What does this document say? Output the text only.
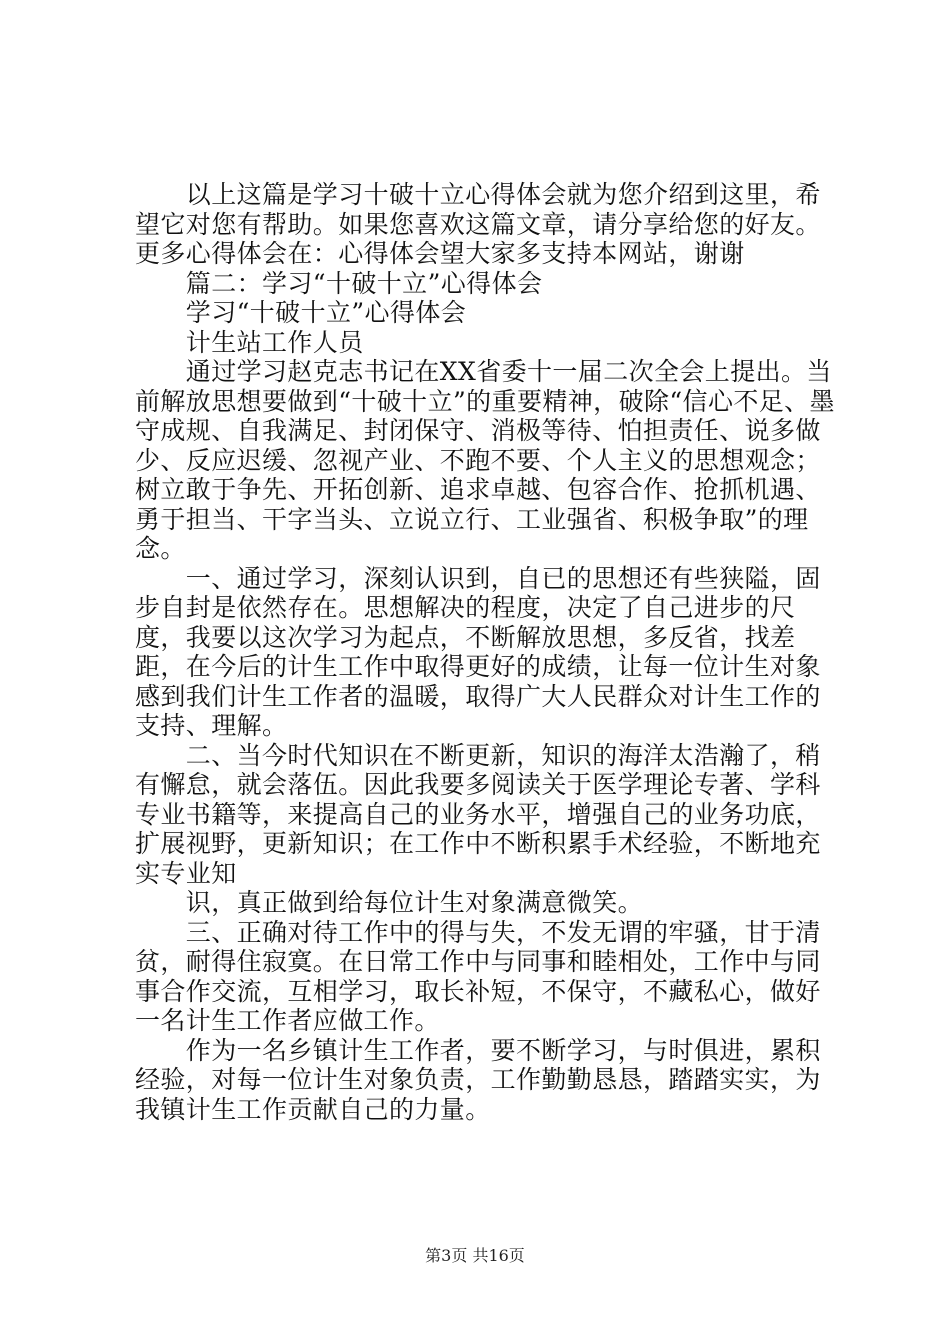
　　以上这篇是学习十破十立心得体会就为您介绍到这里，希望它对您有帮助。如果您喜欢这篇文章，请分享给您的好友。更多心得体会在：心得体会望大家多支持本网站，谢谢

　　篇二：学习“十破十立”心得体会

　　学习“十破十立”心得体会

　　计生站工作人员

　　通过学习赵克志书记在XX省委十一届二次全会上提出。当前解放思想要做到“十破十立”的重要精神，破除“信心不足、墨守成规、自我满足、封闭保守、消极等待、怕担责任、说多做少、反应迟缓、忽视产业、不跑不要、个人主义的思想观念；树立敢于争先、开拓创新、追求卓越、包容合作、抢抓机遇、勇于担当、干字当头、立说立行、工业强省、积极争取”的理念。

　　一、通过学习，深刻认识到，自已的思想还有些狭隘，固步自封是依然存在。思想解决的程度，决定了自己进步的尺度，我要以这次学习为起点，不断解放思想，多反省，找差距，在今后的计生工作中取得更好的成绩，让每一位计生对象感到我们计生工作者的温暖，取得广大人民群众对计生工作的支持、理解。

　　二、当今时代知识在不断更新，知识的海洋太浩瀚了，稍有懈怠，就会落伍。因此我要多阅读关于医学理论专著、学科专业书籍等，来提高自己的业务水平，增强自己的业务功底，扩展视野，更新知识；在工作中不断积累手术经验，不断地充实专业知

　　识，真正做到给每位计生对象满意微笑。

　　三、正确对待工作中的得与失，不发无谓的牢骚，甘于清贫，耐得住寂寞。在日常工作中与同事和睦相处，工作中与同事合作交流，互相学习，取长补短，不保守，不藏私心，做好一名计生工作者应做工作。

　　作为一名乡镇计生工作者，要不断学习，与时俱进，累积经验，对每一位计生对象负责，工作勤勤恳恳，踏踏实实，为我镇计生工作贡献自己的力量。

第3页 共16页
